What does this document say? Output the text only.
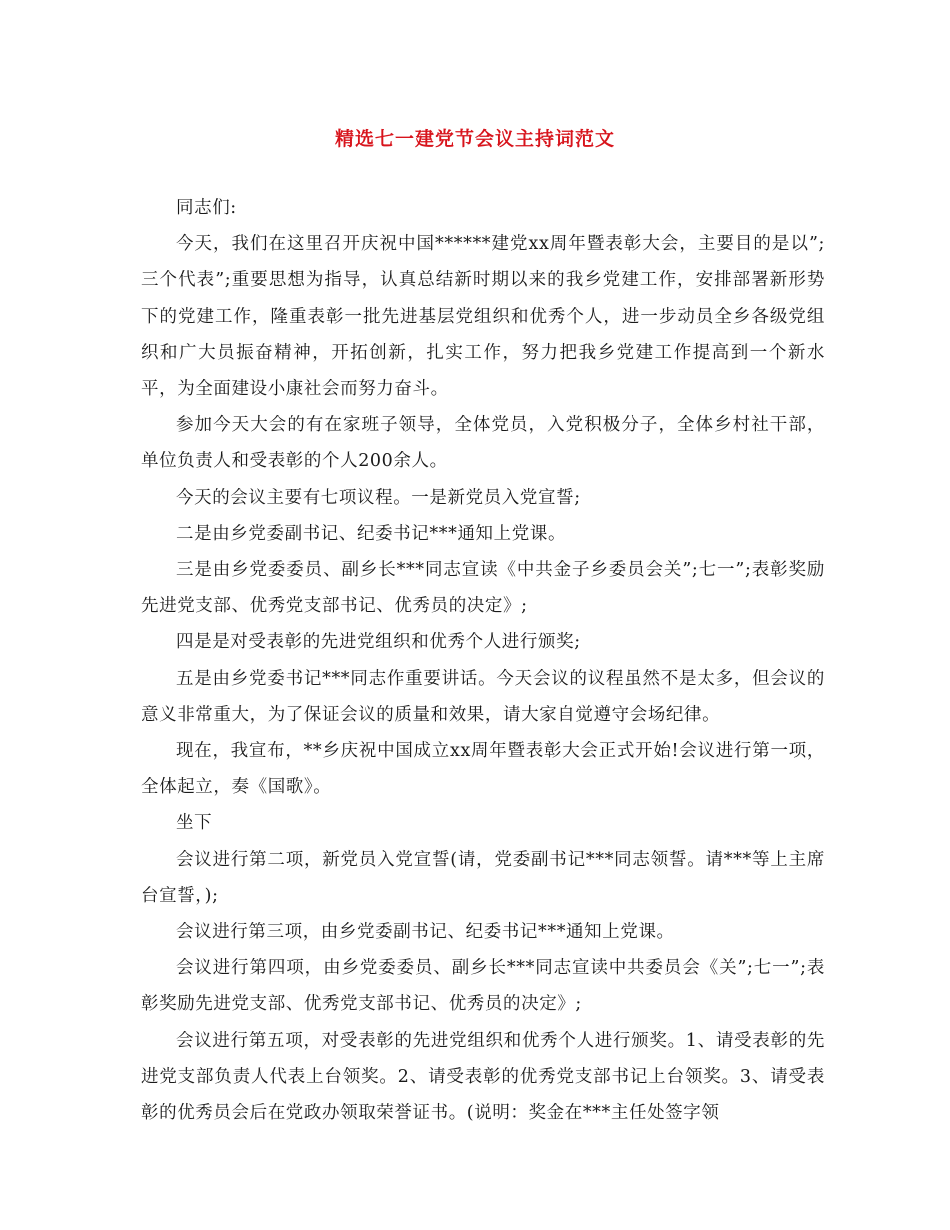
精选七一建党节会议主持词范文

同志们:

今天，我们在这里召开庆祝中国******建党xx周年暨表彰大会，主要目的是以”;三个代表”;重要思想为指导，认真总结新时期以来的我乡党建工作，安排部署新形势下的党建工作，隆重表彰一批先进基层党组织和优秀个人，进一步动员全乡各级党组织和广大员振奋精神，开拓创新，扎实工作，努力把我乡党建工作提高到一个新水平，为全面建设小康社会而努力奋斗。

参加今天大会的有在家班子领导，全体党员，入党积极分子，全体乡村社干部，单位负责人和受表彰的个人200余人。

今天的会议主要有七项议程。一是新党员入党宣誓;

二是由乡党委副书记、纪委书记***通知上党课。

三是由乡党委委员、副乡长***同志宣读《中共金子乡委员会关”;七一”;表彰奖励先进党支部、优秀党支部书记、优秀员的决定》;

四是是对受表彰的先进党组织和优秀个人进行颁奖;

五是由乡党委书记***同志作重要讲话。今天会议的议程虽然不是太多，但会议的意义非常重大，为了保证会议的质量和效果，请大家自觉遵守会场纪律。

现在，我宣布，**乡庆祝中国成立xx周年暨表彰大会正式开始!会议进行第一项，全体起立，奏《国歌》。

坐下

会议进行第二项，新党员入党宣誓(请，党委副书记***同志领誓。请***等上主席台宣誓，);

会议进行第三项，由乡党委副书记、纪委书记***通知上党课。

会议进行第四项，由乡党委委员、副乡长***同志宣读中共委员会《关”;七一”;表彰奖励先进党支部、优秀党支部书记、优秀员的决定》;

会议进行第五项，对受表彰的先进党组织和优秀个人进行颁奖。1、请受表彰的先进党支部负责人代表上台领奖。2、请受表彰的优秀党支部书记上台领奖。3、请受表彰的优秀员会后在党政办领取荣誉证书。(说明：奖金在***主任处签字领
